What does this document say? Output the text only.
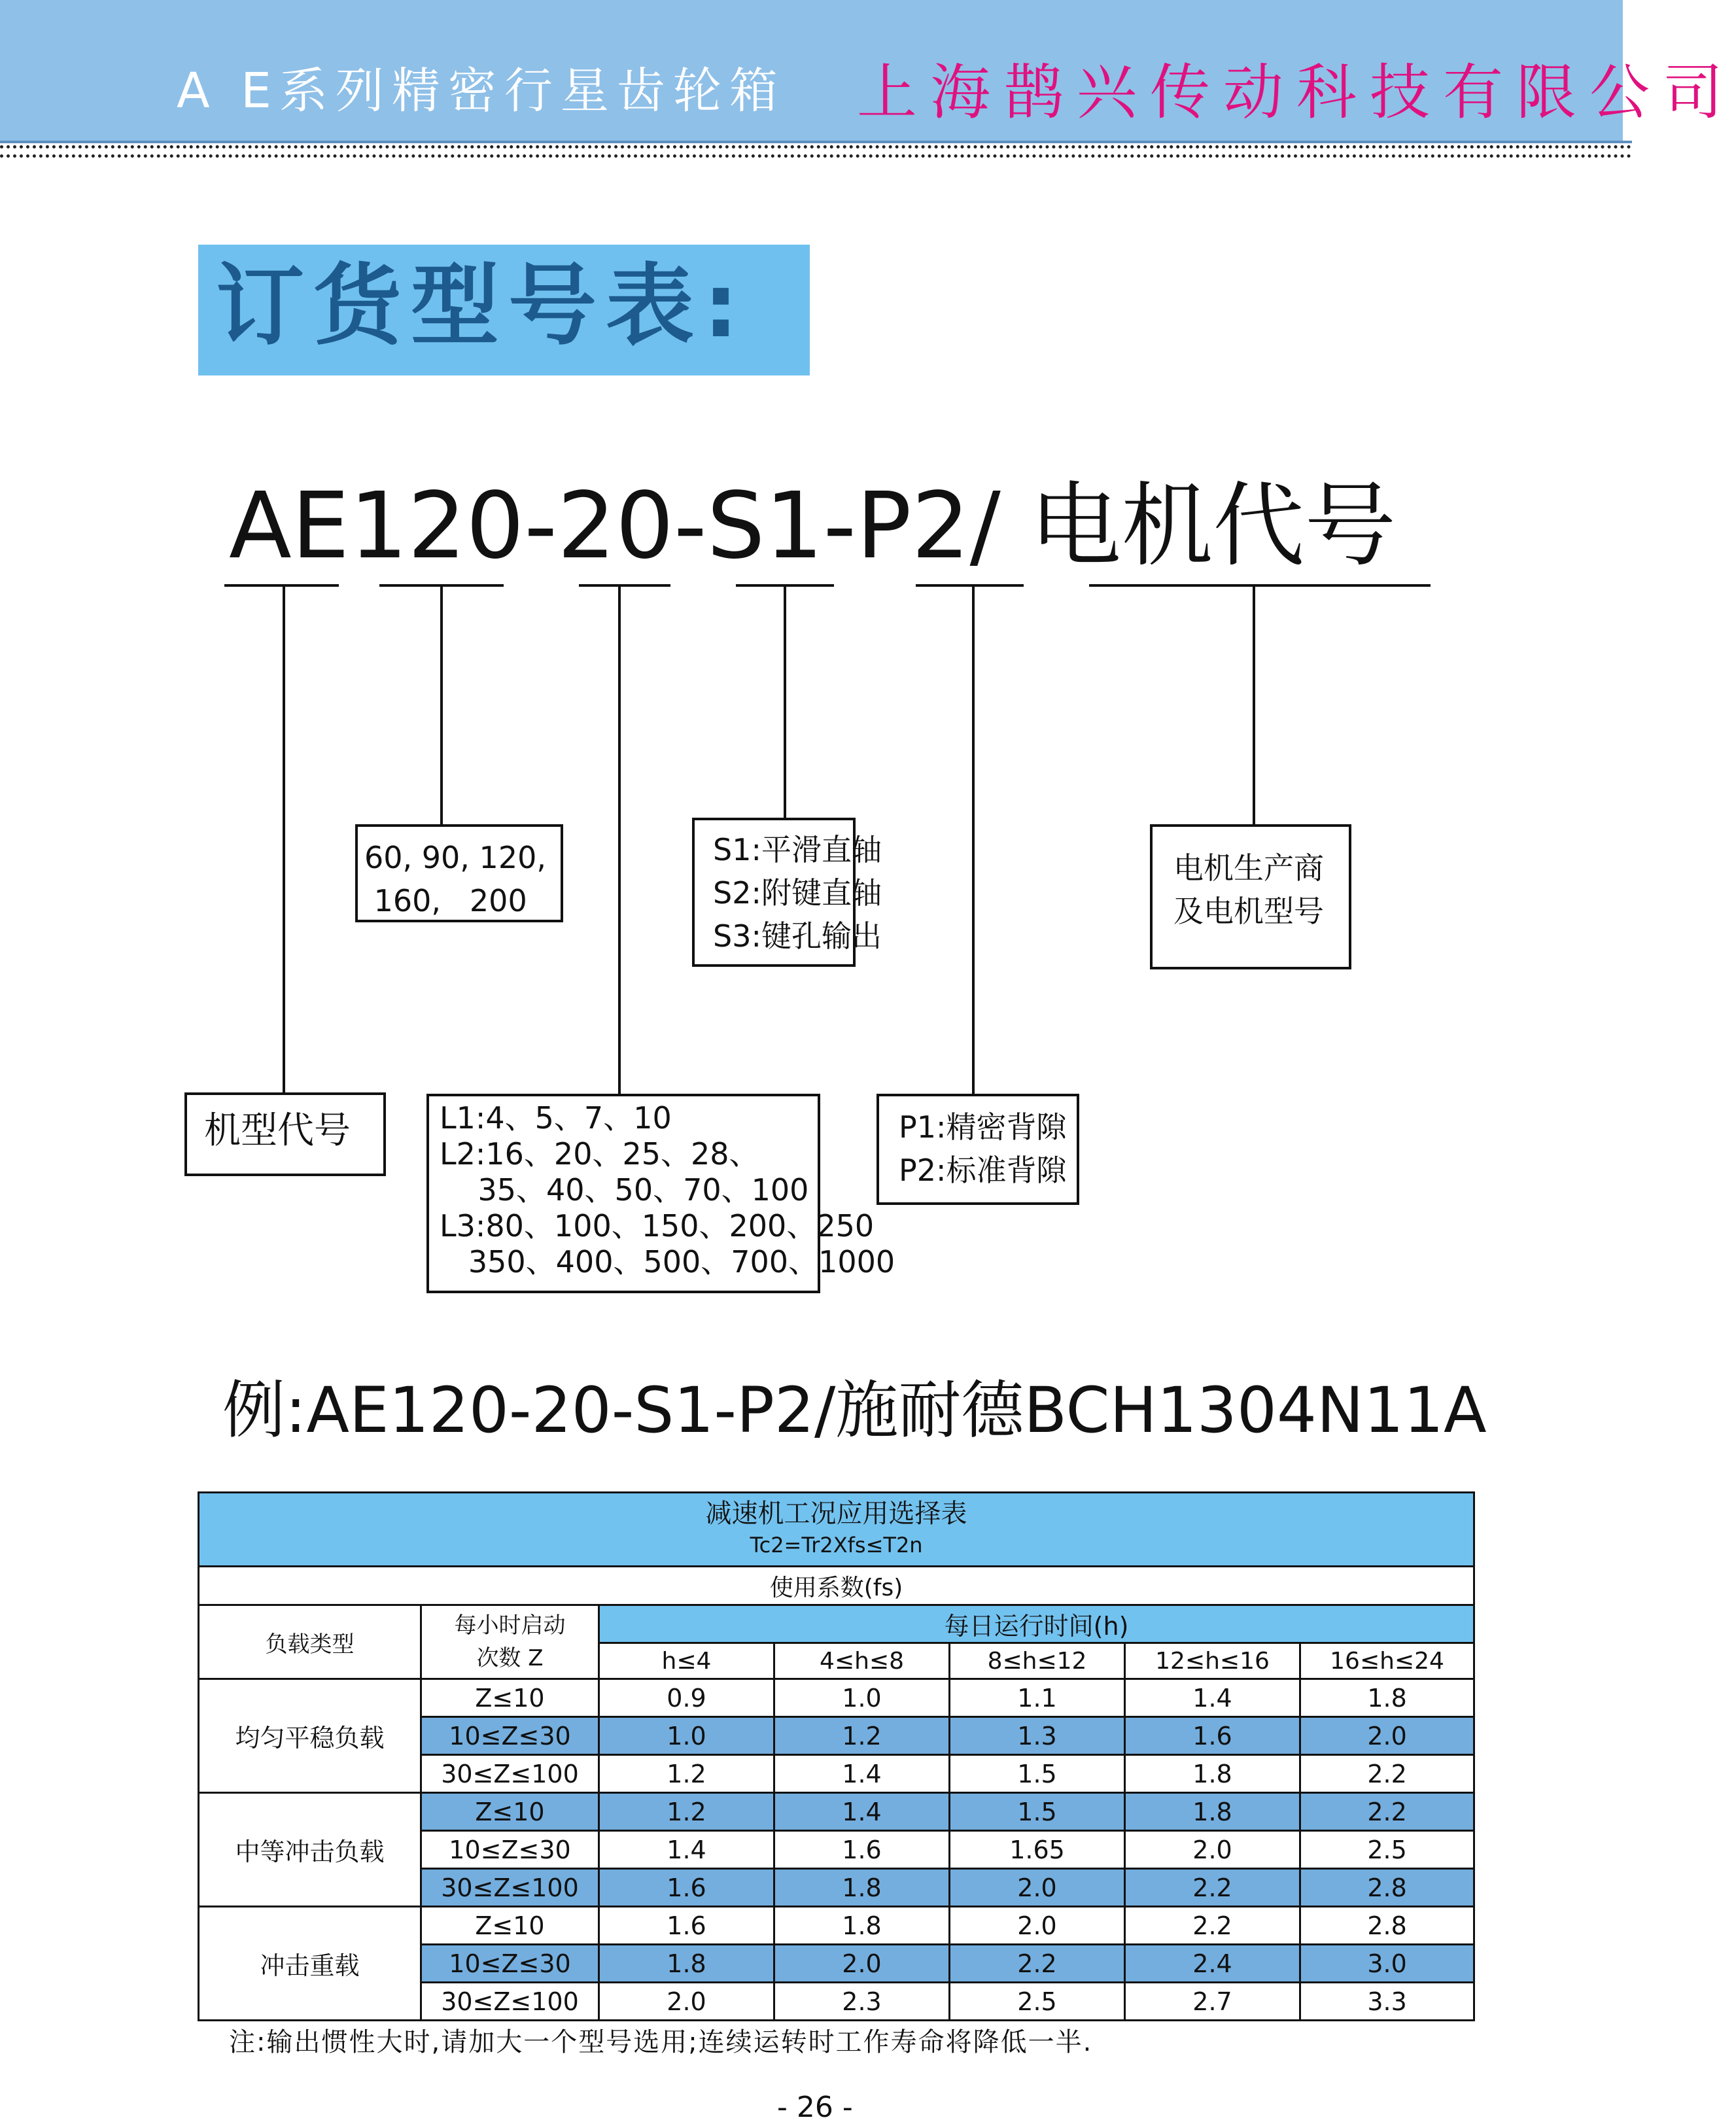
A E系列精密行星齿轮箱 上海鹊兴传动科技有限公司
订货型号表:
AE120-20-S1-P2/ 电机代号
60, 90, 120,
160,   200
S1:平滑直轴
S2:附键直轴
S3:键孔输出
电机生产商
及电机型号
机型代号	L1:4、5、7、10
L2:16、20、25、28、
35、40、50、70、100
L3:80、100、150、200、250
350、400、500、700、1000
P1:精密背隙
P2:标准背隙
例:AE120-20-S1-P2/施耐德BCH1304N11A
减速机工况应用选择表
Tc2=Tr2Xfs≤T2n						

使用系数(fs)						
负载类型	每小时启动
次数 Z	每日运行时间(h)				
		h≤4	4≤h≤8	8≤h≤12	12≤h≤16	16≤h≤24
均匀平稳负载	Z≤10	0.9	1.0	1.1	1.4	1.8
	10≤Z≤30	1.0	1.2	1.3	1.6	2.0
	30≤Z≤100	1.2	1.4	1.5	1.8	2.2
中等冲击负载	Z≤10	1.2	1.4	1.5	1.8	2.2
	10≤Z≤30	1.4	1.6	1.65	2.0	2.5
	30≤Z≤100	1.6	1.8	2.0	2.2	2.8
冲击重载	Z≤10	1.6	1.8	2.0	2.2	2.8
	10≤Z≤30	1.8	2.0	2.2	2.4	3.0
	30≤Z≤100	2.0	2.3	2.5	2.7	3.3
注:输出惯性大时,请加大一个型号选用;连续运转时工作寿命将降低一半.
- 26 -
